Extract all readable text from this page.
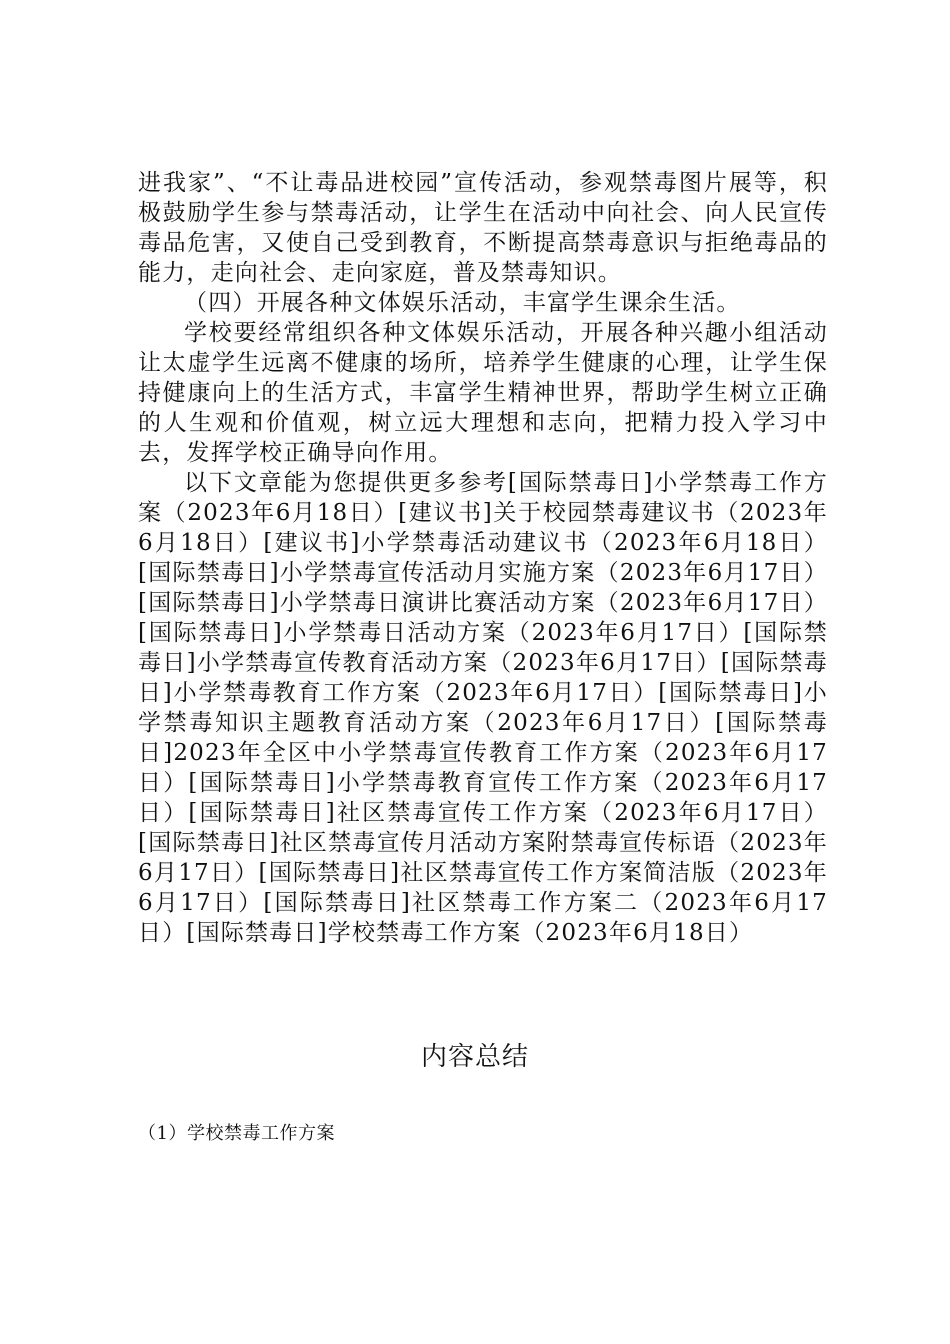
进我家”、“不让毒品进校园”宣传活动，参观禁毒图片展等，积极鼓励学生参与禁毒活动，让学生在活动中向社会、向人民宣传毒品危害，又使自己受到教育，不断提高禁毒意识与拒绝毒品的能力，走向社会、走向家庭，普及禁毒知识。

（四）开展各种文体娱乐活动，丰富学生课余生活。

学校要经常组织各种文体娱乐活动，开展各种兴趣小组活动让太虚学生远离不健康的场所，培养学生健康的心理，让学生保持健康向上的生活方式，丰富学生精神世界，帮助学生树立正确的人生观和价值观，树立远大理想和志向，把精力投入学习中去，发挥学校正确导向作用。

以下文章能为您提供更多参考[国际禁毒日]小学禁毒工作方案（2023年6月18日）[建议书]关于校园禁毒建议书（2023年6月18日）[建议书]小学禁毒活动建议书（2023年6月18日）[国际禁毒日]小学禁毒宣传活动月实施方案（2023年6月17日）[国际禁毒日]小学禁毒日演讲比赛活动方案（2023年6月17日）[国际禁毒日]小学禁毒日活动方案（2023年6月17日）[国际禁毒日]小学禁毒宣传教育活动方案（2023年6月17日）[国际禁毒日]小学禁毒教育工作方案（2023年6月17日）[国际禁毒日]小学禁毒知识主题教育活动方案（2023年6月17日）[国际禁毒日]2023年全区中小学禁毒宣传教育工作方案（2023年6月17日）[国际禁毒日]小学禁毒教育宣传工作方案（2023年6月17日）[国际禁毒日]社区禁毒宣传工作方案（2023年6月17日）[国际禁毒日]社区禁毒宣传月活动方案附禁毒宣传标语（2023年6月17日）[国际禁毒日]社区禁毒宣传工作方案简洁版（2023年6月17日）[国际禁毒日]社区禁毒工作方案二（2023年6月17日）[国际禁毒日]学校禁毒工作方案（2023年6月18日）

内容总结
（1）学校禁毒工作方案
